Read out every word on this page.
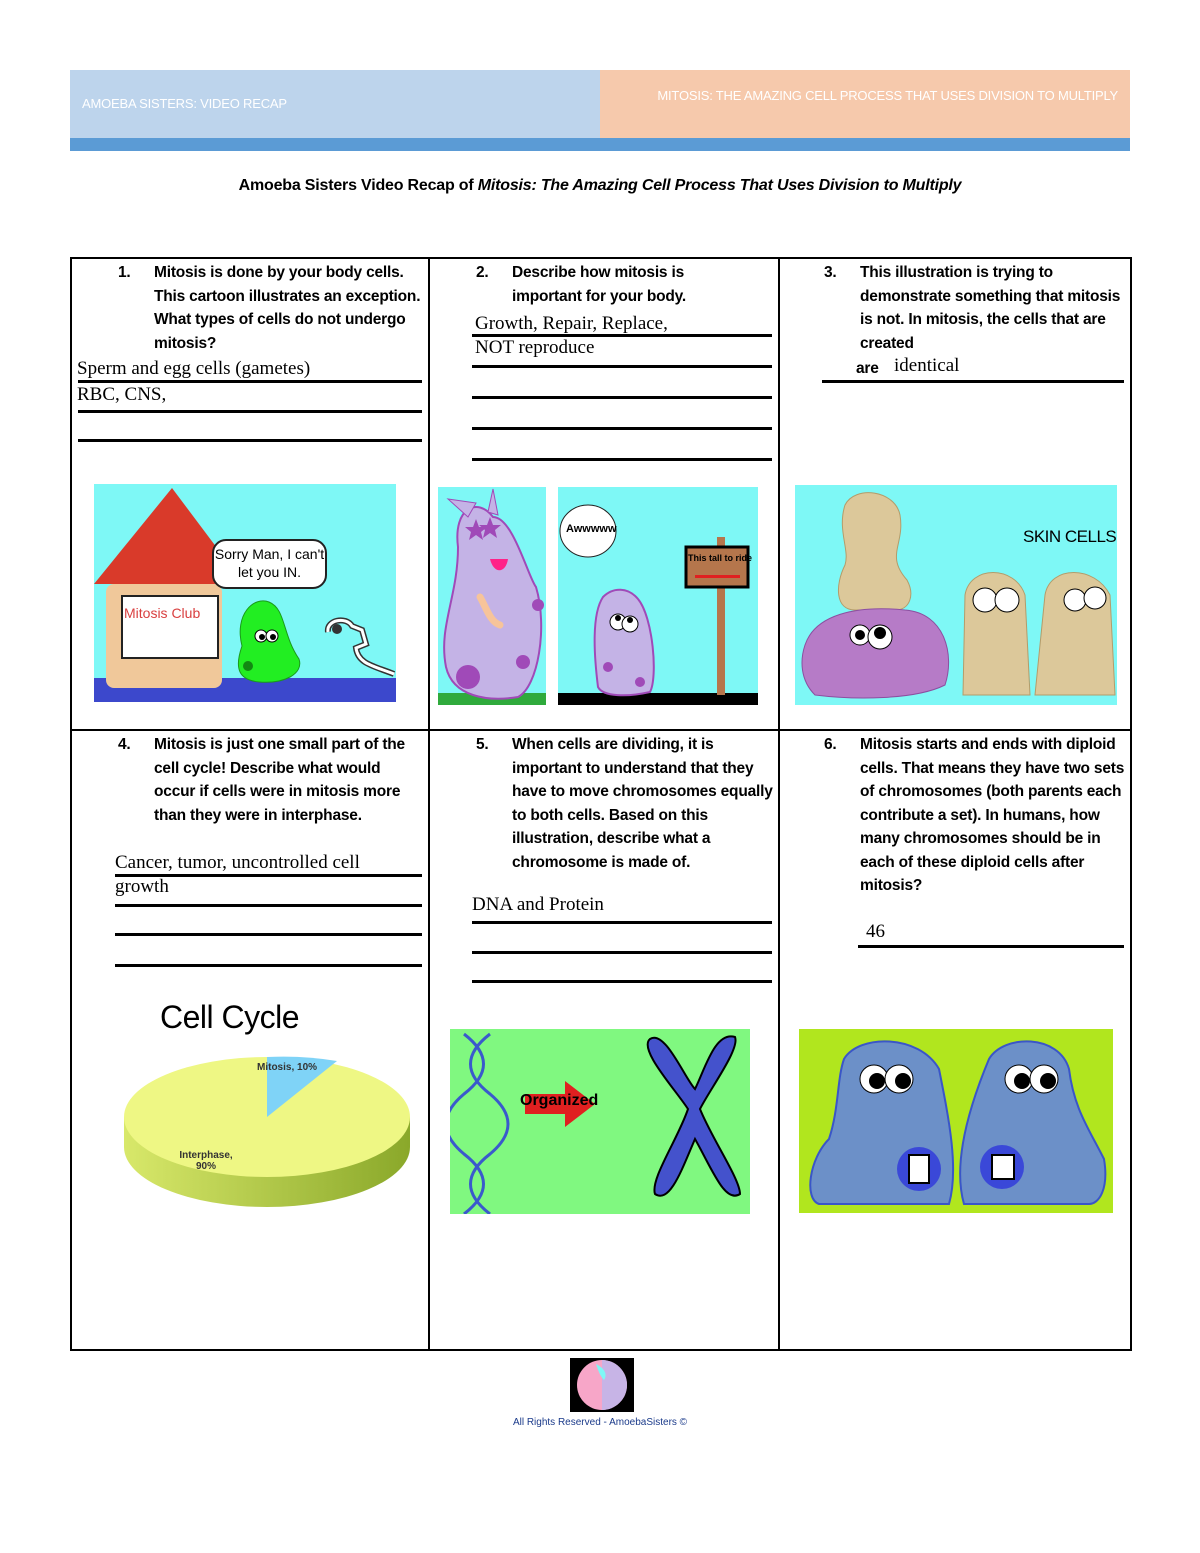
AMOEBA SISTERS: VIDEO RECAP
MITOSIS: THE AMAZING CELL PROCESS THAT USES DIVISION TO MULTIPLY
Amoeba Sisters Video Recap of Mitosis: The Amazing Cell Process That Uses Division to Multiply
1. Mitosis is done by your body cells. This cartoon illustrates an exception. What types of cells do not undergo mitosis?
Sperm and egg cells (gametes)
RBC, CNS,
Mitosis Club
Sorry Man, I can't let you IN.
2. Describe how mitosis is important for your body.
Growth, Repair, Replace,
NOT reproduce
Awwwww
This tall to ride
3. This illustration is trying to demonstrate something that mitosis is not. In mitosis, the cells that are created
are identical
SKIN CELLS
4. Mitosis is just one small part of the cell cycle! Describe what would occur if cells were in mitosis more than they were in interphase.
Cancer, tumor, uncontrolled cell
growth
Cell Cycle
Mitosis, 10%
Interphase, 90%
5. When cells are dividing, it is important to understand that they have to move chromosomes equally to both cells. Based on this illustration, describe what a chromosome is made of.
DNA and Protein
Organized
6. Mitosis starts and ends with diploid cells. That means they have two sets of chromosomes (both parents each contribute a set). In humans, how many chromosomes should be in each of these diploid cells after mitosis?
46
All Rights Reserved - AmoebaSisters ©
